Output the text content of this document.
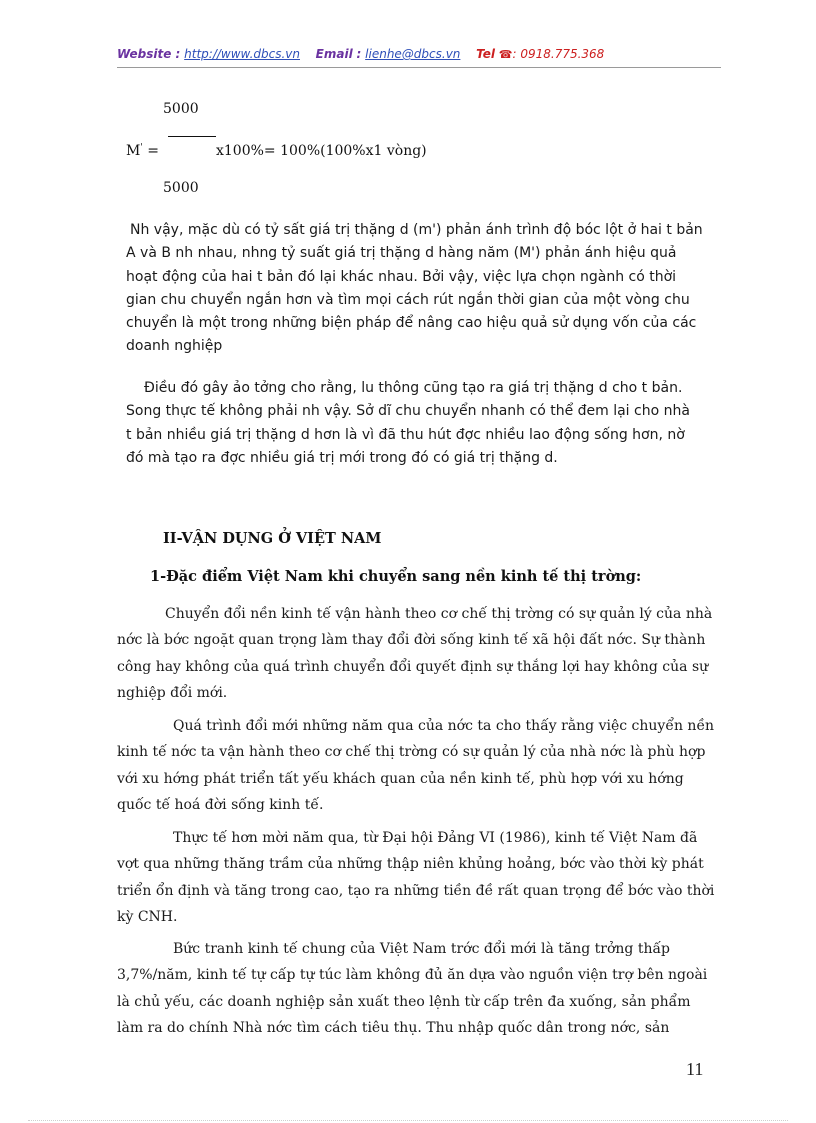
Website : http://www.dbcs.vn Email : lienhe@dbcs.vn Tel ☎: 0918.775.368
5000
M' =	x100%= 100%(100%x1 vòng)
5000

Nh vậy, mặc dù có tỷ sất giá trị thặng d (m') phản ánh trình độ bóc lột ở hai t bản A và B nh nhau, nhng tỷ suất giá trị thặng d hàng năm (M') phản ánh hiệu quả hoạt động của hai t bản đó lại khác nhau. Bởi vậy, việc lựa chọn ngành có thời gian chu chuyển ngắn hơn và tìm mọi cách rút ngắn thời gian của một vòng chu chuyển là một trong những biện pháp để nâng cao hiệu quả sử dụng vốn của các doanh nghiệp

Điều đó gây ảo tởng cho rằng, lu thông cũng tạo ra giá trị thặng d cho t bản. Song thực tế không phải nh vậy. Sở dĩ chu chuyển nhanh có thể đem lại cho nhà t bản nhiều giá trị thặng d hơn là vì đã thu hút đợc nhiều lao động sống hơn, nờ đó mà tạo ra đợc nhiều giá trị mới trong đó có giá trị thặng d.

II-VẬN DỤNG Ở VIỆT NAM
1-Đặc điểm Việt Nam khi chuyển sang nền kinh tế thị trờng:

Chuyển đổi nền kinh tế vận hành theo cơ chế thị trờng có sự quản lý của nhà nớc là bớc ngoặt quan trọng làm thay đổi đời sống kinh tế xã hội đất nớc. Sự thành công hay không của quá trình chuyển đổi quyết định sự thắng lợi hay không của sự nghiệp đổi mới.

Quá trình đổi mới những năm qua của nớc ta cho thấy rằng việc chuyển nền kinh tế nớc ta vận hành theo cơ chế thị trờng có sự quản lý của nhà nớc là phù hợp với xu hớng phát triển tất yếu khách quan của nền kinh tế, phù hợp với xu hớng quốc tế hoá đời sống kinh tế.

Thực tế hơn mời năm qua, từ Đại hội Đảng VI (1986), kinh tế Việt Nam đã vợt qua những thăng trầm của những thập niên khủng hoảng, bớc vào thời kỳ phát triển ổn định và tăng trong cao, tạo ra những tiền đề rất quan trọng để bớc vào thời kỳ CNH.

Bức tranh kinh tế chung của Việt Nam trớc đổi mới là tăng trởng thấp 3,7%/năm, kinh tế tự cấp tự túc làm không đủ ăn dựa vào nguồn viện trợ bên ngoài là chủ yếu, các doanh nghiệp sản xuất theo lệnh từ cấp trên đa xuống, sản phẩm làm ra do chính Nhà nớc tìm cách tiêu thụ. Thu nhập quốc dân trong nớc, sản

11
